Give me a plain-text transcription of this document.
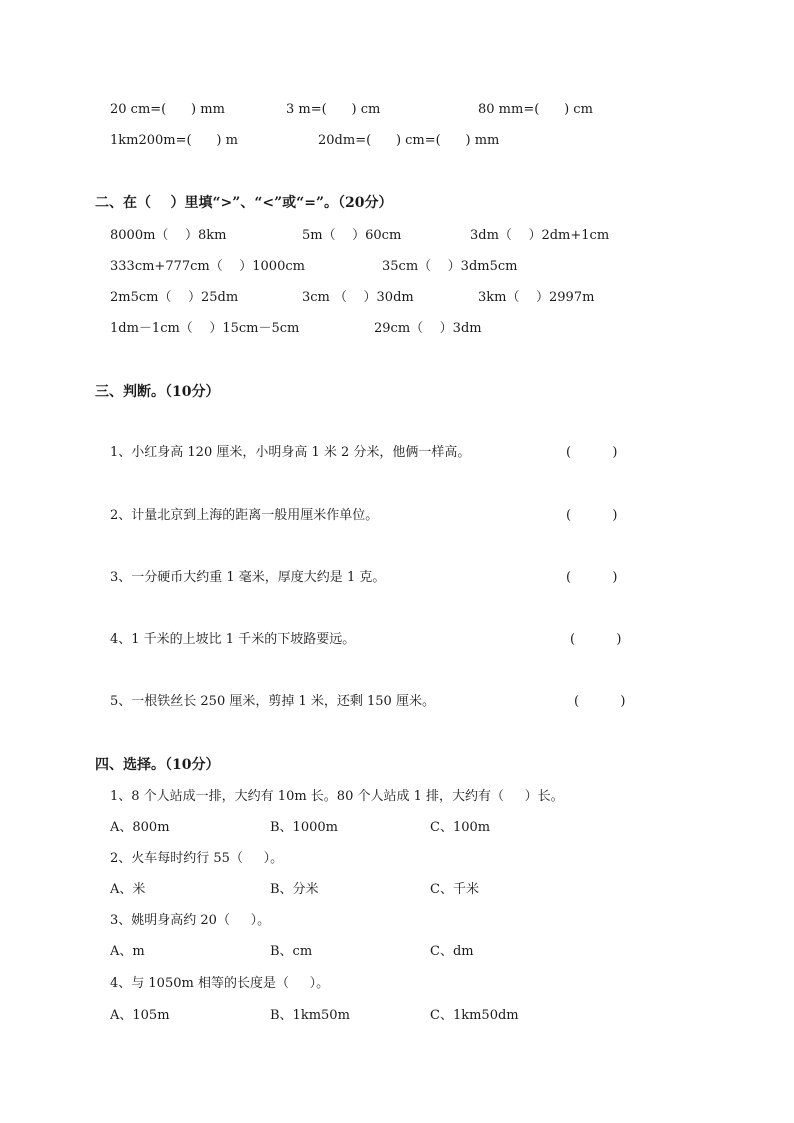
20 cm=(      ) mm	3 m=(      ) cm	80 mm=(      ) cm
1km200m=(      ) m	20dm=(      ) cm=(      ) mm
二、在（    ）里填“>”、“<”或“=”。（20分）
8000m（    ）8km	5m（    ）60cm	3dm（    ）2dm+1cm
333cm+777cm（    ）1000cm	35cm（    ）3dm5cm
2m5cm（    ）25dm	3cm （    ）30dm	3km（    ）2997m
1dm－1cm（    ）15cm－5cm	29cm（    ）3dm
三、判断。（10分）
1、小红身高 120 厘米，小明身高 1 米 2 分米，他俩一样高。	(          )
2、计量北京到上海的距离一般用厘米作单位。	(          )
3、一分硬币大约重 1 毫米，厚度大约是 1 克。	(          )
4、1 千米的上坡比 1 千米的下坡路要远。	(          )
5、一根铁丝长 250 厘米，剪掉 1 米，还剩 150 厘米。	(          )
四、选择。（10分）
1、8 个人站成一排，大约有 10m 长。80 个人站成 1 排，大约有（     ）长。
A、800m	B、1000m	C、100m
2、火车每时约行 55（     ）。
A、米	B、分米	C、千米
3、姚明身高约 20（     ）。
A、m	B、cm	C、dm
4、与 1050m 相等的长度是（     ）。
A、105m	B、1km50m	C、1km50dm
